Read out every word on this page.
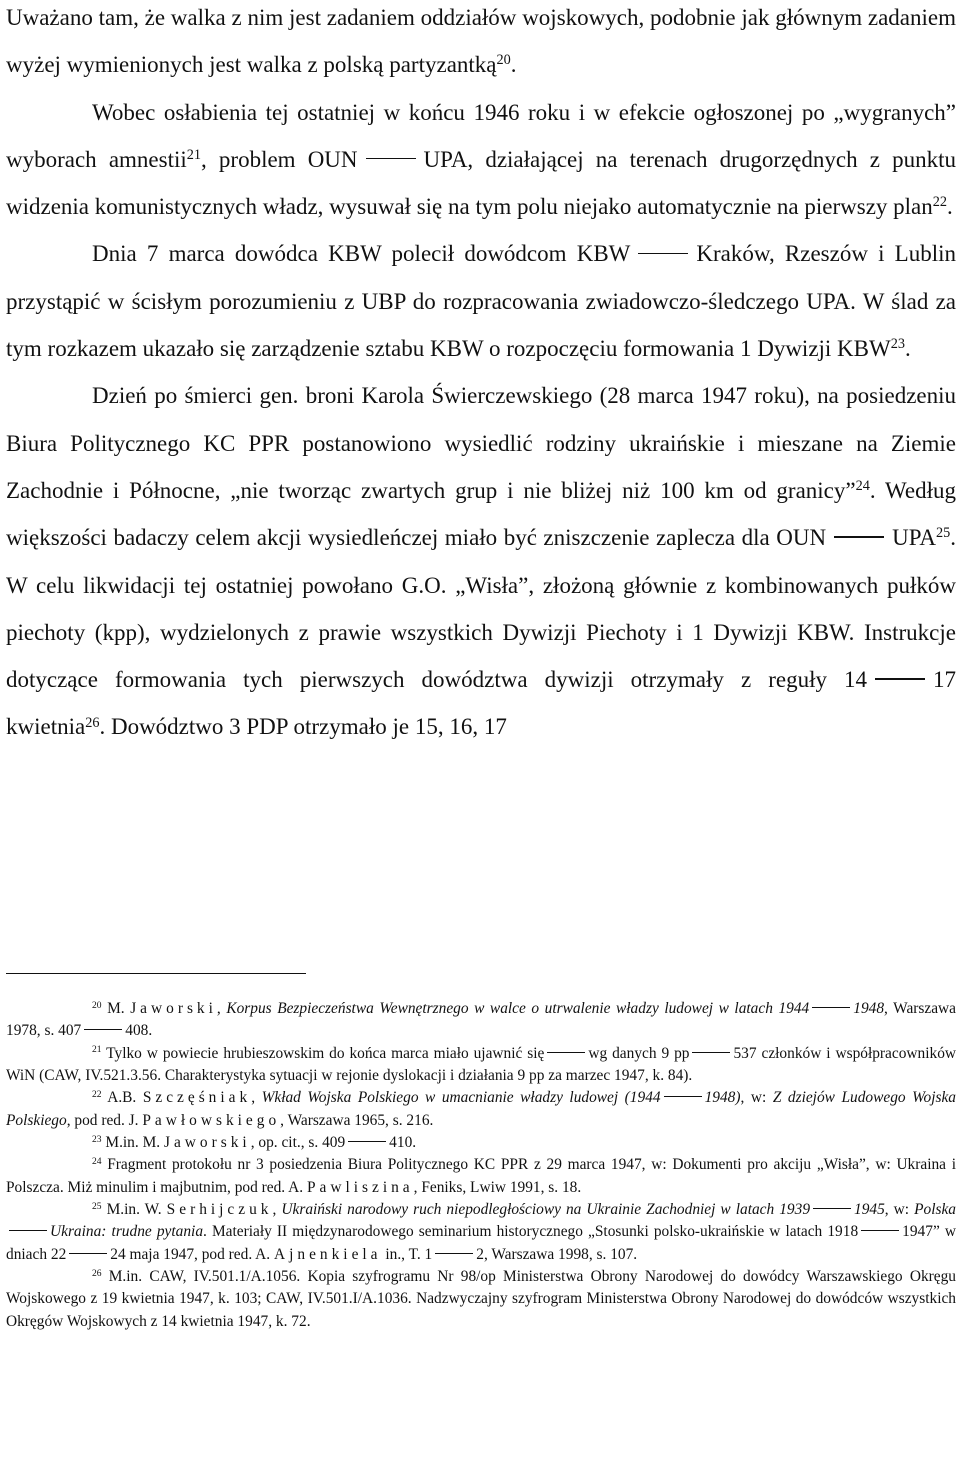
Uważano tam, że walka z nim jest zadaniem oddziałów wojskowych, podobnie jak głównym zadaniem wyżej wymienionych jest walka z polską partyzantką$^{20}$.

Wobec osłabienia tej ostatniej w końcu 1946 roku i w efekcie ogłoszonej po „wygranych” wyborach amnestii$^{21}$, problem OUN	UPA, działającej na terenach drugorzędnych z punktu widzenia komunistycznych władz, wysuwał się na tym polu niejako automatycznie na pierwszy plan$^{22}$.

Dnia 7 marca dowódca KBW polecił dowódcom KBW	Kraków, Rzeszów i Lublin przystąpić w ścisłym porozumieniu z UBP do rozpracowania zwiadowczo-śledczego UPA. W ślad za tym rozkazem ukazało się zarządzenie sztabu KBW o rozpoczęciu formowania 1 Dywizji KBW$^{23}$.

Dzień po śmierci gen. broni Karola Świerczewskiego (28 marca 1947 roku), na posiedzeniu Biura Politycznego KC PPR postanowiono wysiedlić rodziny ukraińskie i mieszane na Ziemie Zachodnie i Północne, „nie tworząc zwartych grup i nie bliżej niż 100 km od granicy”$^{24}$. Według większości badaczy celem akcji wysiedleńczej miało być zniszczenie zaplecza dla OUN	UPA$^{25}$. W celu likwidacji tej ostatniej powołano G.O. „Wisła”, złożoną głównie z kombinowanych pułków piechoty (kpp), wydzielonych z prawie wszystkich Dywizji Piechoty i 1 Dywizji KBW. Instrukcje dotyczące formowania tych pierwszych dowództwa dywizji otrzymały z reguły 14	17 kwietnia$^{26}$. Dowództwo 3 PDP otrzymało je 15, 16, 17

$^{20}$ M. Jaworski, Korpus Bezpieczeństwa Wewnętrznego w walce o utrwalenie władzy ludowej w latach 1944	1948, Warszawa 1978, s. 407	408.

$^{21}$ Tylko w powiecie hrubieszowskim do końca marca miało ujawnić się	wg danych 9 pp	537 członków i współpracowników WiN (CAW, IV.521.3.56. Charakterystyka sytuacji w rejonie dyslokacji i działania 9 pp za marzec 1947, k. 84).

$^{22}$ A.B. Szczęśniak, Wkład Wojska Polskiego w umacnianie władzy ludowej (1944	1948), w: Z dziejów Ludowego Wojska Polskiego, pod red. J. Pawłowskiego, Warszawa 1965, s. 216.

$^{23}$ M.in. M. Jaworski, op. cit., s. 409	410.

$^{24}$ Fragment protokołu nr 3 posiedzenia Biura Politycznego KC PPR z 29 marca 1947, w: Dokumenti pro akciju „Wisła”, w: Ukraina i Polszcza. Miż minulim i majbutnim, pod red. A. Pawliszina, Feniks, Lwiw 1991, s. 18.

$^{25}$ M.in. W. Serhijczuk, Ukraiński narodowy ruch niepodległościowy na Ukrainie Zachodniej w latach 1939	1945, w: PolskaUkraina: trudne pytania. Materiały II międzynarodowego seminarium historycznego „Stosunki polsko-ukraińskie w latach 1918	1947” w dniach 22	24 maja 1947, pod red. A. Ajnenkiela in., T. 1	2, Warszawa 1998, s. 107.

$^{26}$ M.in. CAW, IV.501.1/A.1056. Kopia szyfrogramu Nr 98/op Ministerstwa Obrony Narodowej do dowódcy Warszawskiego Okręgu Wojskowego z 19 kwietnia 1947, k. 103; CAW, IV.501.I/A.1036. Nadzwyczajny szyfrogram Ministerstwa Obrony Narodowej do dowódców wszystkich Okręgów Wojskowych z 14 kwietnia 1947, k. 72.
